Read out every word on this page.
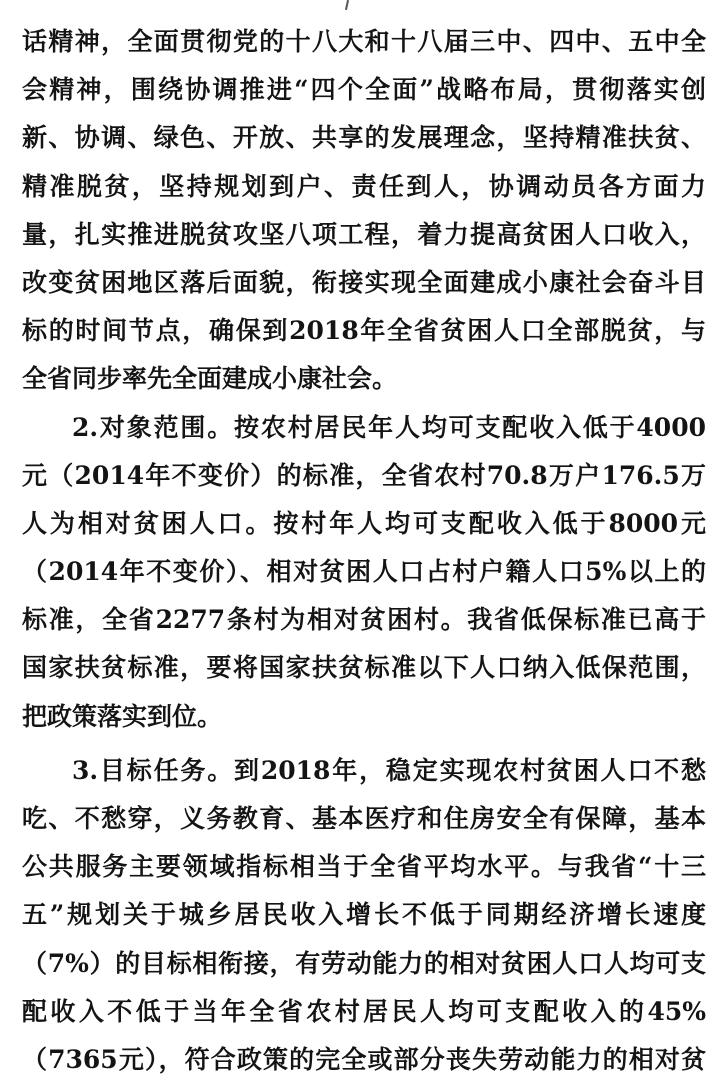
话精神，全面贯彻党的十八大和十八届三中、四中、五中全
会精神，围绕协调推进“四个全面”战略布局，贯彻落实创
新、协调、绿色、开放、共享的发展理念，坚持精准扶贫、
精准脱贫，坚持规划到户、责任到人，协调动员各方面力
量，扎实推进脱贫攻坚八项工程，着力提高贫困人口收入，
改变贫困地区落后面貌，衔接实现全面建成小康社会奋斗目
标的时间节点，确保到2018年全省贫困人口全部脱贫，与
全省同步率先全面建成小康社会。
2.对象范围。按农村居民年人均可支配收入低于4000
元（2014年不变价）的标准，全省农村70.8万户176.5万
人为相对贫困人口。按村年人均可支配收入低于8000元
（2014年不变价）、相对贫困人口占村户籍人口5%以上的
标准，全省2277条村为相对贫困村。我省低保标准已高于
国家扶贫标准，要将国家扶贫标准以下人口纳入低保范围，
把政策落实到位。
3.目标任务。到2018年，稳定实现农村贫困人口不愁
吃、不愁穿，义务教育、基本医疗和住房安全有保障，基本
公共服务主要领域指标相当于全省平均水平。与我省“十三
五”规划关于城乡居民收入增长不低于同期经济增长速度
（7%）的目标相衔接，有劳动能力的相对贫困人口人均可支
配收入不低于当年全省农村居民人均可支配收入的45%
（7365元），符合政策的完全或部分丧失劳动能力的相对贫
